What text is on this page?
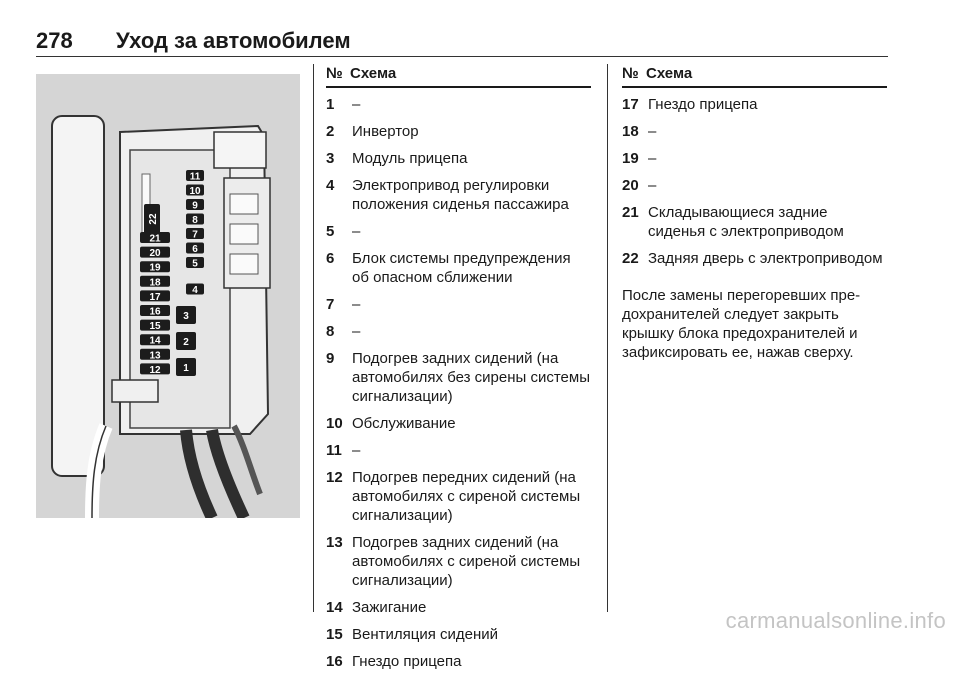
278 Уход за автомобилем
22
21
20
19
18
17
16
15
14
13
12
11
10
9
8
7
6
5
4
3
2
1
№ Схема
1	–
2	Инвертор
3	Модуль прицепа
4	Электропривод регулировки положения сиденья пассажира
5	–
6	Блок системы предупреждения об опасном сближении
7	–
8	–
9	Подогрев задних сидений (на автомобилях без сирены системы сигнализации)
10 Обслуживание
11 –
12 Подогрев передних сидений (на автомобилях с сиреной системы сигнализации)
13 Подогрев задних сидений (на автомобилях с сиреной системы сигнализации)
14 Зажигание
15 Вентиляция сидений
16 Гнездо прицепа
№ Схема
17 Гнездо прицепа
18 –
19 –
20 –
21 Складывающиеся задние сиденья с электроприводом
22 Задняя дверь с электроприводом
После замены перегоревших предохранителей следует закрыть крышку блока предохранителей и зафиксировать ее, нажав сверху.
carmanualsonline.info
